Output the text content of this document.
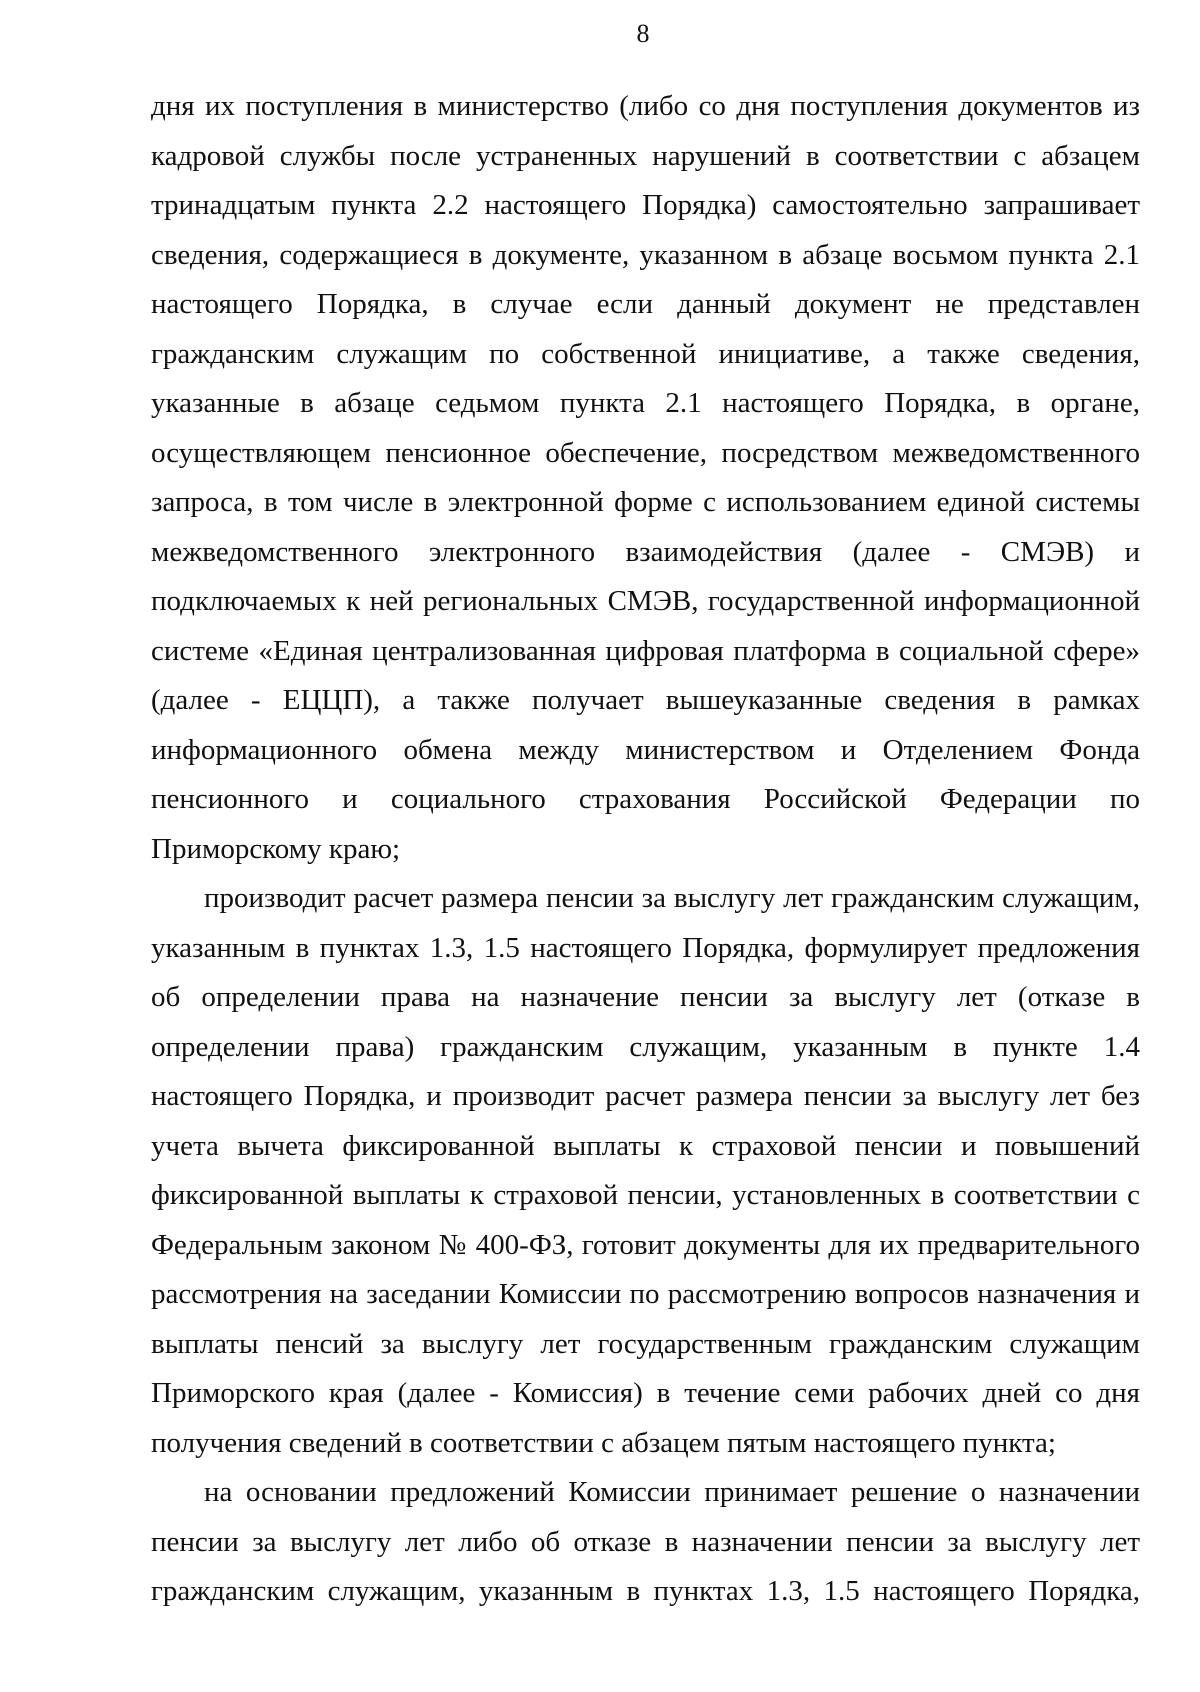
8

дня их поступления в министерство (либо со дня поступления документов из кадровой службы после устраненных нарушений в соответствии с абзацем тринадцатым пункта 2.2 настоящего Порядка) самостоятельно запрашивает сведения, содержащиеся в документе, указанном в абзаце восьмом пункта 2.1 настоящего Порядка, в случае если данный документ не представлен гражданским служащим по собственной инициативе, а также сведения, указанные в абзаце седьмом пункта 2.1 настоящего Порядка, в органе, осуществляющем пенсионное обеспечение, посредством межведомственного запроса, в том числе в электронной форме с использованием единой системы межведомственного электронного взаимодействия (далее - СМЭВ) и подключаемых к ней региональных СМЭВ, государственной информационной системе «Единая централизованная цифровая платформа в социальной сфере» (далее - ЕЦЦП), а также получает вышеуказанные сведения в рамках информационного обмена между министерством и Отделением Фонда пенсионного и социального страхования Российской Федерации по Приморскому краю;

производит расчет размера пенсии за выслугу лет гражданским служащим, указанным в пунктах 1.3, 1.5 настоящего Порядка, формулирует предложения об определении права на назначение пенсии за выслугу лет (отказе в определении права) гражданским служащим, указанным в пункте 1.4 настоящего Порядка, и производит расчет размера пенсии за выслугу лет без учета вычета фиксированной выплаты к страховой пенсии и повышений фиксированной выплаты к страховой пенсии, установленных в соответствии с Федеральным законом № 400-ФЗ, готовит документы для их предварительного рассмотрения на заседании Комиссии по рассмотрению вопросов назначения и выплаты пенсий за выслугу лет государственным гражданским служащим Приморского края (далее - Комиссия) в течение семи рабочих дней со дня получения сведений в соответствии с абзацем пятым настоящего пункта;

на основании предложений Комиссии принимает решение о назначении пенсии за выслугу лет либо об отказе в назначении пенсии за выслугу лет гражданским служащим, указанным в пунктах 1.3, 1.5 настоящего Порядка,
